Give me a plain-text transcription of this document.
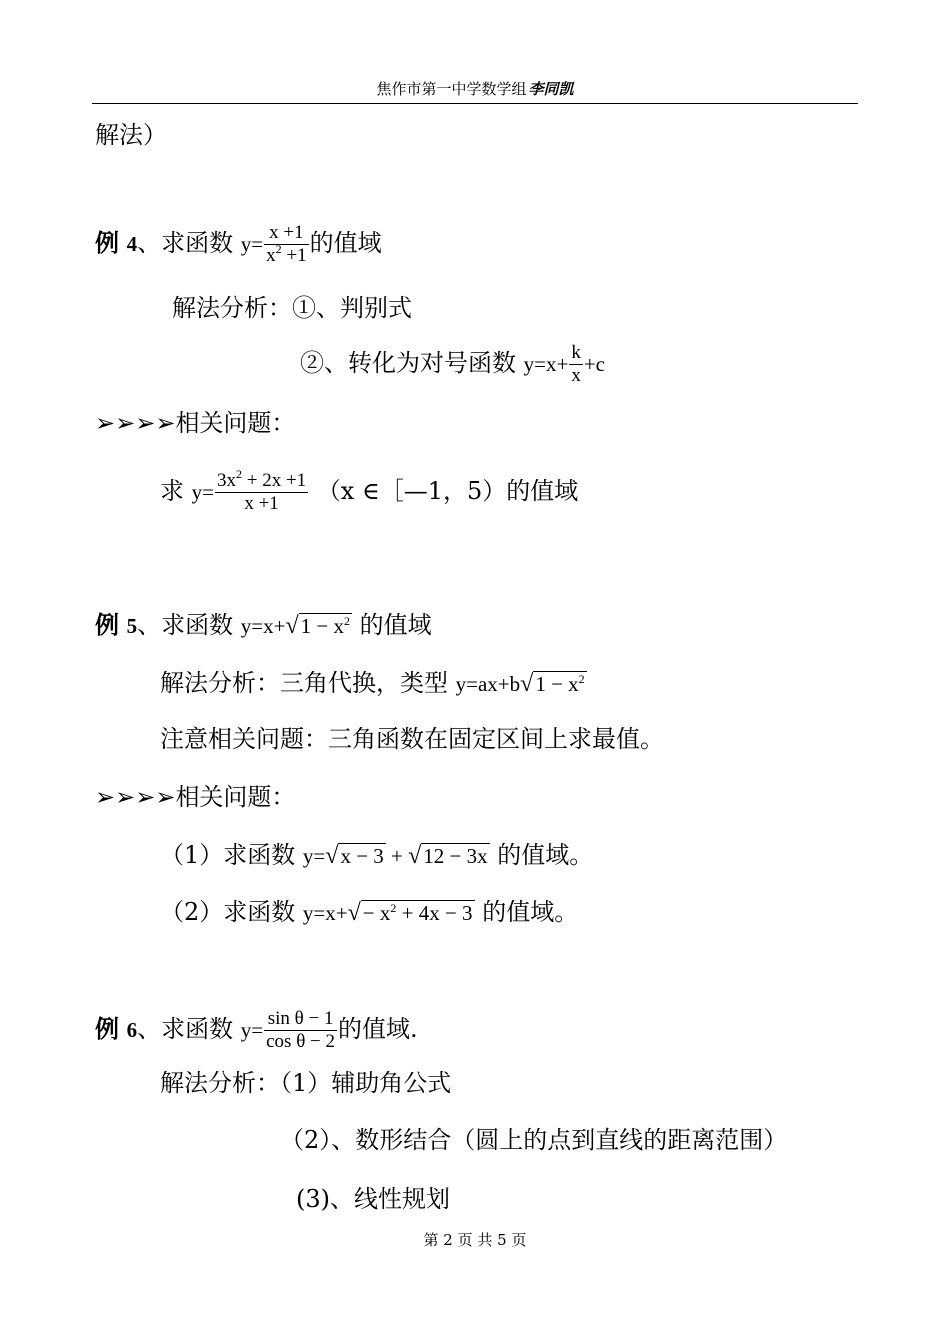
焦作市第一中学数学组 李同凯
解法）
例 4、求函数 $y= \frac{x +1}{x^2 +1}$ 的值域
解法分析：①、判别式
②、转化为对号函数 $y=x+ \frac{k}{x} +c$
➢➢➢➢相关问题：
求 $y= \frac{3x^2 + 2x +1}{x +1} (x$ ∈［—1，5）的值域
例 5、求函数 $y=x+√1 - x^2$ 的值域
解法分析：三角代换，类型 $y=ax+b√1 - x^2$
注意相关问题：三角函数在固定区间上求最值。
➢➢➢➢相关问题：
（1）求函数 y=√x − 3 + √12 − 3x 的值域。
（2）求函数 $y=x+√- x^2 + 4x - 3$ 的值域。
例 6、求函数 $y= \frac{\text{sin θ − 1}}{\text{cos θ − 2}}$ 的值域.
解法分析：（1）辅助角公式
（2）、数形结合（圆上的点到直线的距离范围）
(3)、线性规划
第 2 页 共 5 页
